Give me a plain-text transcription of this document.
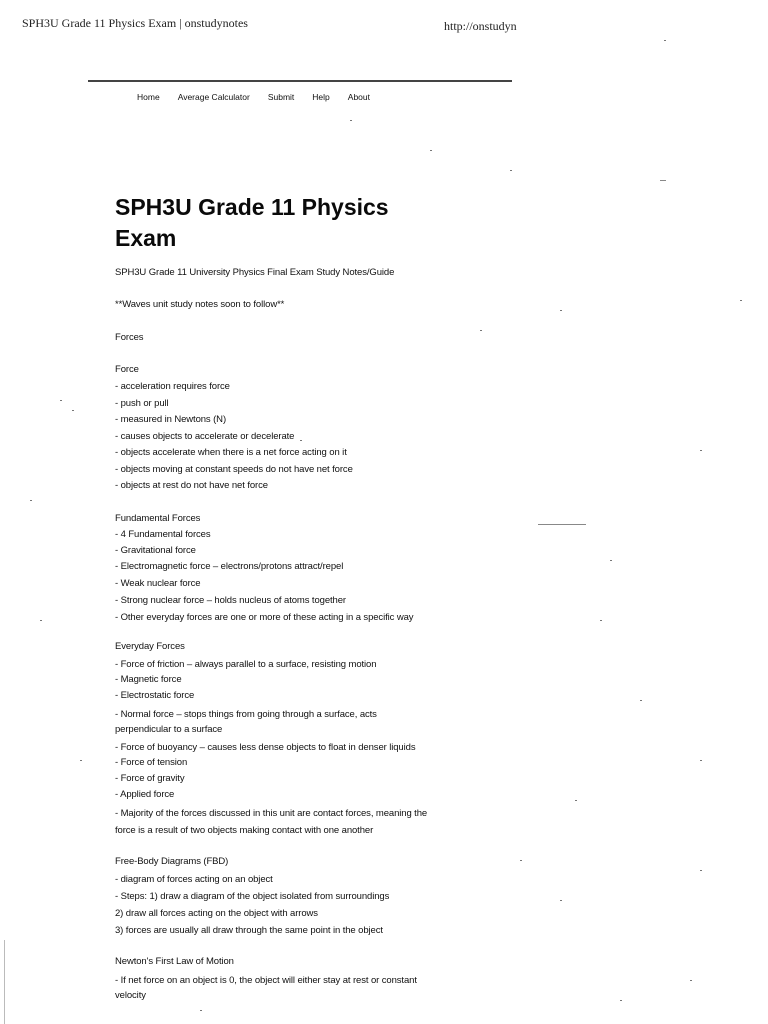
SPH3U Grade 11 Physics Exam | onstudynotes	http://onstudyn
Home Average Calculator Submit Help About
SPH3U Grade 11 Physics
Exam
SPH3U Grade 11 University Physics Final Exam Study Notes/Guide
**Waves unit study notes soon to follow**
Forces
Force
- acceleration requires force
- push or pull
- measured in Newtons (N)
- causes objects to accelerate or decelerate
- objects accelerate when there is a net force acting on it
- objects moving at constant speeds do not have net force
- objects at rest do not have net force
Fundamental Forces
- 4 Fundamental forces
- Gravitational force
- Electromagnetic force – electrons/protons attract/repel
- Weak nuclear force
- Strong nuclear force – holds nucleus of atoms together
- Other everyday forces are one or more of these acting in a specific way
Everyday Forces
- Force of friction – always parallel to a surface, resisting motion
- Magnetic force
- Electrostatic force
- Normal force – stops things from going through a surface, acts
perpendicular to a surface
- Force of buoyancy – causes less dense objects to float in denser liquids
- Force of tension
- Force of gravity
- Applied force
- Majority of the forces discussed in this unit are contact forces, meaning the
force is a result of two objects making contact with one another
Free-Body Diagrams (FBD)
- diagram of forces acting on an object
- Steps: 1) draw a diagram of the object isolated from surroundings
2) draw all forces acting on the object with arrows
3) forces are usually all draw through the same point in the object
Newton's First Law of Motion
- If net force on an object is 0, the object will either stay at rest or constant
velocity
